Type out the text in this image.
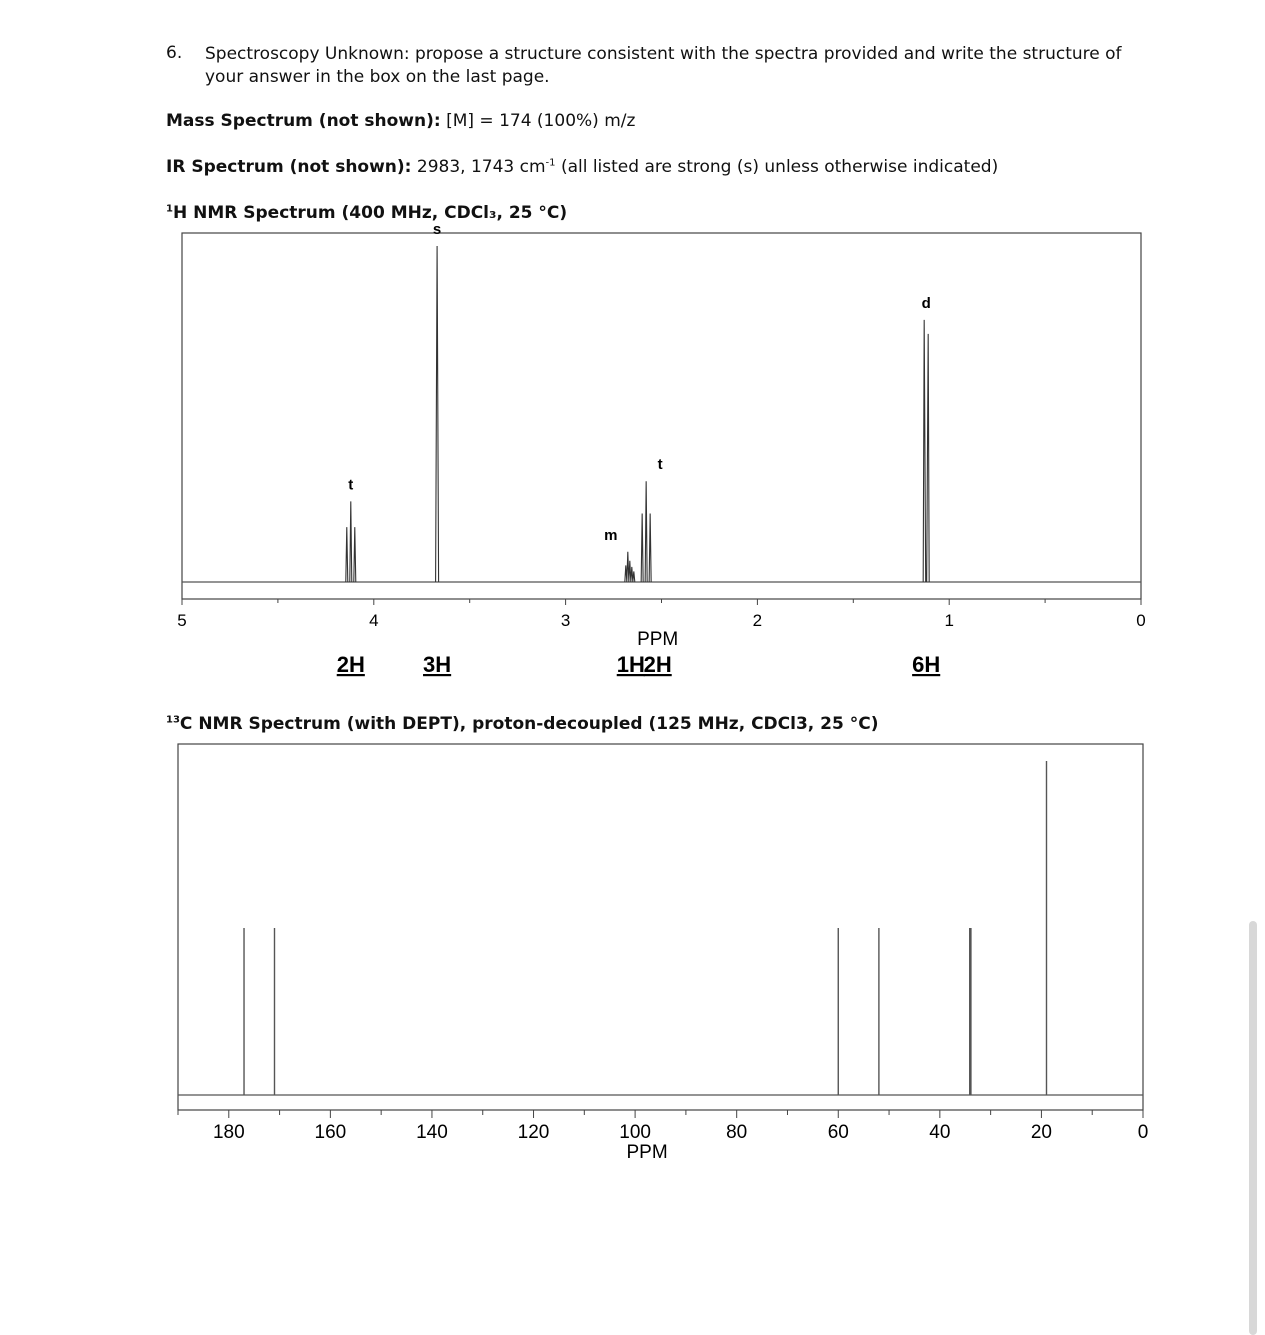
6. Spectroscopy Unknown: propose a structure consistent with the spectra provided and write the structure of
your answer in the box on the last page.
Mass Spectrum (not shown): [M] = 174 (100%) m/z
IR Spectrum (not shown): 2983, 1743 $cm^{-1}$ (all listed are strong (s) unless otherwise indicated)
$^1$H NMR Spectrum (400 MHz, CDCl₃, 25 °C)
$^{13}$C NMR Spectrum (with DEPT), proton-decoupled (125 MHz, CDCl3, 25 °C)
t
s
m
t
d
5	4	3	2	1	0
PPM
2H	3H	1H
2H	6H
180	160	140	120	100	80	60	40	20	0
PPM
